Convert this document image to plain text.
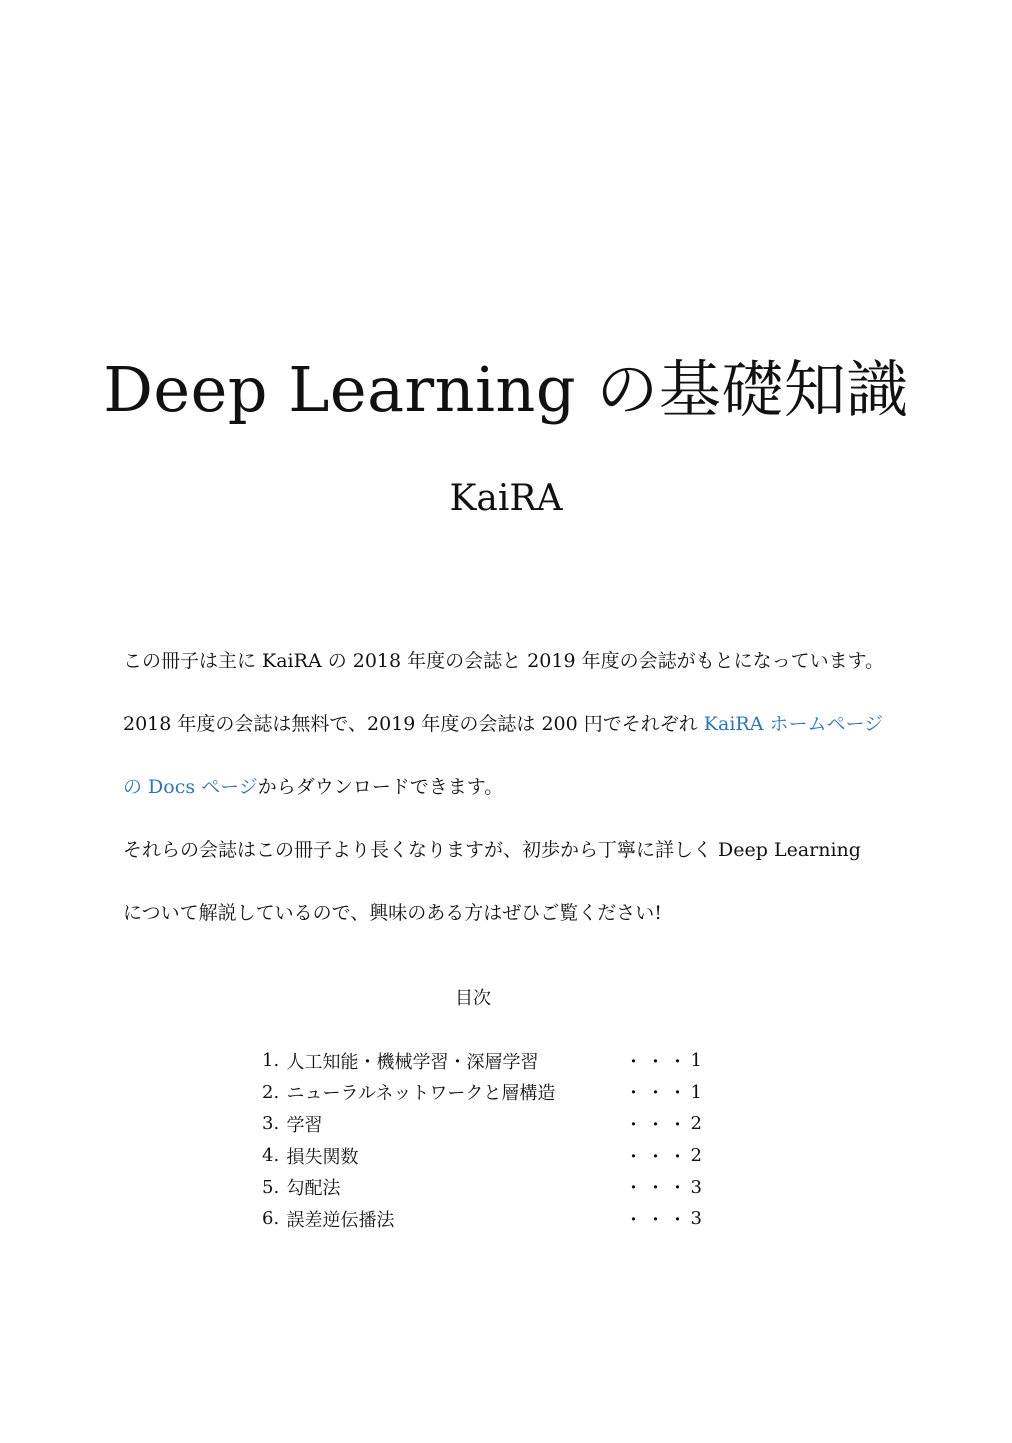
Deep Learning の基礎知識
KaiRA

この冊子は主に KaiRA の 2018 年度の会誌と 2019 年度の会誌がもとになっています。

2018 年度の会誌は無料で、2019 年度の会誌は 200 円でそれぞれ KaiRA ホームページ

の Docs ページからダウンロードできます。

それらの会誌はこの冊子より長くなりますが、初歩から丁寧に詳しく Deep Learning

について解説しているので、興味のある方はぜひご覧ください!

目次
1. 人工知能・機械学習・深層学習	・・・ 1
2. ニューラルネットワークと層構造	・・・ 1
3. 学習	・・・ 2
4. 損失関数	・・・ 2
5. 勾配法	・・・ 3
6. 誤差逆伝播法	・・・ 3
